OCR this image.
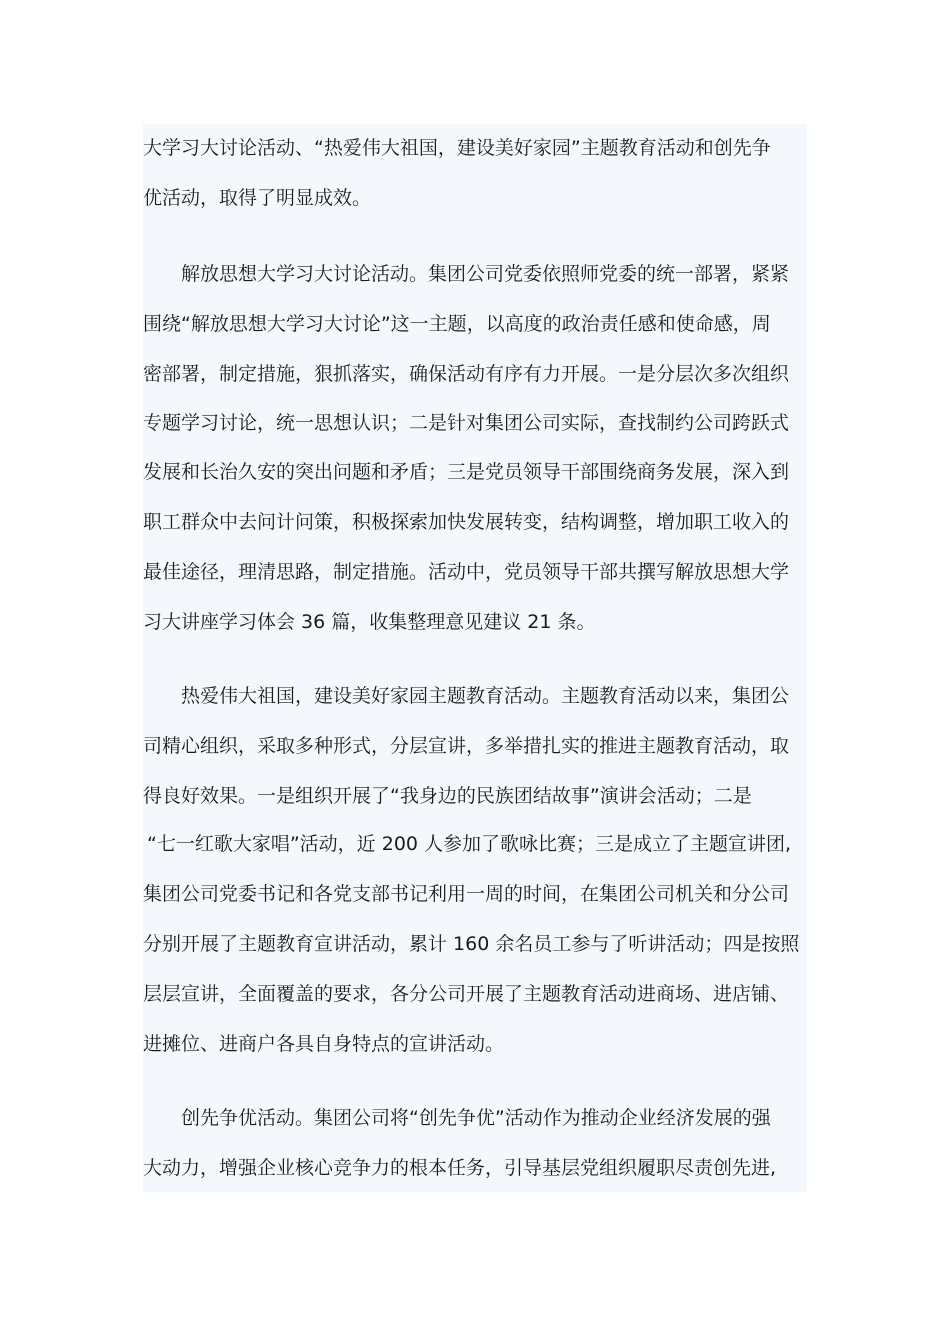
大学习大讨论活动、“热爱伟大祖国，建设美好家园”主题教育活动和创先争
优活动，取得了明显成效。
解放思想大学习大讨论活动。集团公司党委依照师党委的统一部署，紧紧
围绕“解放思想大学习大讨论”这一主题，以高度的政治责任感和使命感，周
密部署，制定措施，狠抓落实，确保活动有序有力开展。一是分层次多次组织
专题学习讨论，统一思想认识；二是针对集团公司实际，查找制约公司跨跃式
发展和长治久安的突出问题和矛盾；三是党员领导干部围绕商务发展，深入到
职工群众中去问计问策，积极探索加快发展转变，结构调整，增加职工收入的
最佳途径，理清思路，制定措施。活动中，党员领导干部共撰写解放思想大学
习大讲座学习体会 36 篇，收集整理意见建议 21 条。
热爱伟大祖国，建设美好家园主题教育活动。主题教育活动以来，集团公
司精心组织，采取多种形式，分层宣讲，多举措扎实的推进主题教育活动，取
得良好效果。一是组织开展了“我身边的民族团结故事”演讲会活动；二是
“七一红歌大家唱”活动，近 200 人参加了歌咏比赛；三是成立了主题宣讲团,
集团公司党委书记和各党支部书记利用一周的时间，在集团公司机关和分公司
分别开展了主题教育宣讲活动，累计 160 余名员工参与了听讲活动；四是按照
层层宣讲，全面覆盖的要求，各分公司开展了主题教育活动进商场、进店铺、
进摊位、进商户各具自身特点的宣讲活动。
创先争优活动。集团公司将“创先争优”活动作为推动企业经济发展的强
大动力，增强企业核心竞争力的根本任务，引导基层党组织履职尽责创先进,
